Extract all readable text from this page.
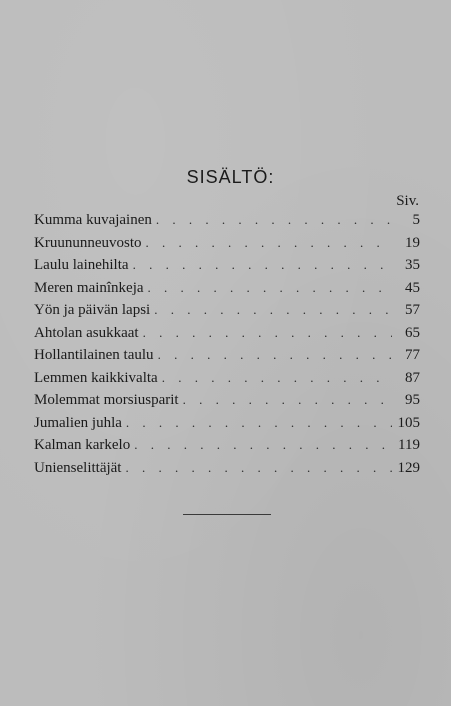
SISÄLTÖ:
Siv.
Kumma kuvajainen . . .	5
Kruununneuvosto . . .	19
Laulu lainehilta . . .	35
Meren mainînkeja . . .	45
Yön ja päivän lapsi . . .	57
Ahtolan asukkaat . . .	65
Hollantilainen taulu . . .	77
Lemmen kaikkivalta . . .	87
Molemmat morsiusparit . . .	95
Jumalien juhla . . .	105
Kalman karkelo . . .	119
Unienselittäjät . . .	129
